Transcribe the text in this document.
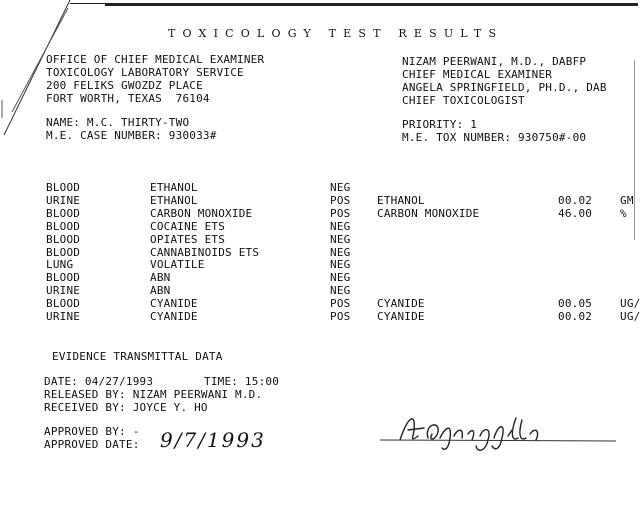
TOXICOLOGY TEST RESULTS
OFFICE OF CHIEF MEDICAL EXAMINER
TOXICOLOGY LABORATORY SERVICE
200 FELIKS GWOZDZ PLACE
FORT WORTH, TEXAS  76104
NIZAM PEERWANI, M.D., DABFP
CHIEF MEDICAL EXAMINER
ANGELA SPRINGFIELD, PH.D., DAB
CHIEF TOXICOLOGIST
NAME: M.C. THIRTY-TWO
M.E. CASE NUMBER: 930033#
PRIORITY: 1
M.E. TOX NUMBER: 930750#-00
BLOOD	ETHANOL	NEG
URINE	ETHANOL	POS ETHANOL	00.02	GM
BLOOD	CARBON MONOXIDE	POS CARBON MONOXIDE	46.00	%
BLOOD	COCAINE ETS	NEG
BLOOD	OPIATES ETS	NEG
BLOOD	CANNABINOIDS ETS	NEG
LUNG	VOLATILE	NEG
BLOOD	ABN	NEG
URINE	ABN	NEG
BLOOD	CYANIDE	POS CYANIDE	00.05	UG/
URINE	CYANIDE	POS CYANIDE	00.02	UG/
EVIDENCE TRANSMITTAL DATA
DATE: 04/27/1993	TIME: 15:00
RELEASED BY: NIZAM PEERWANI M.D.
RECEIVED BY: JOYCE Y. HO
APPROVED BY: -
APPROVED DATE: 9/7/1993
